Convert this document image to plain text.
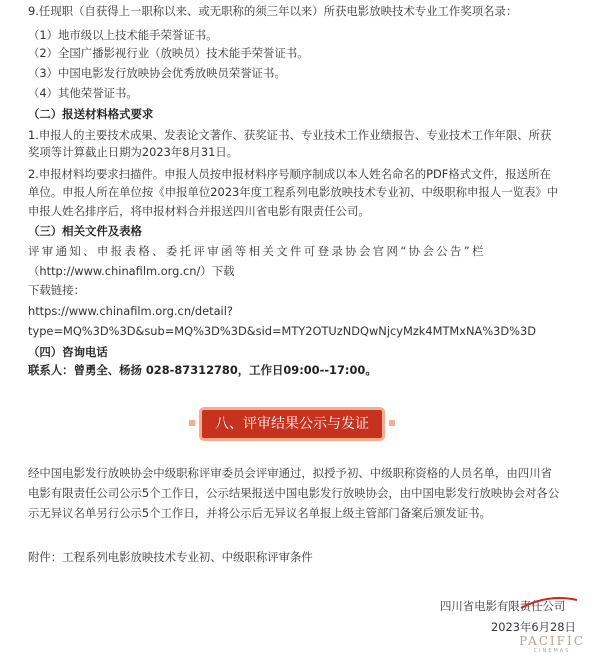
9.任现职（自获得上一职称以来、或无职称的须三年以来）所获电影放映技术专业工作奖项名录：
（1）地市级以上技术能手荣誉证书。
（2）全国广播影视行业（放映员）技术能手荣誉证书。
（3）中国电影发行放映协会优秀放映员荣誉证书。
（4）其他荣誉证书。
（二）报送材料格式要求
1.申报人的主要技术成果、发表论文著作、获奖证书、专业技术工作业绩报告、专业技术工作年限、所获
奖项等计算截止日期为2023年8月31日。
2.申报材料均要求扫描件。申报人员按申报材料序号顺序制成以本人姓名命名的PDF格式文件，报送所在
单位。申报人所在单位按《申报单位2023年度工程系列电影放映技术专业初、中级职称申报人一览表》中
申报人姓名排序后，将申报材料合并报送四川省电影有限责任公司。
（三）相关文件及表格
评审通知、申报表格、委托评审函等相关文件可登录协会官网“协会公告”栏
（http://www.chinafilm.org.cn/）下载
下载链接：
https://www.chinafilm.org.cn/detail?
type=MQ%3D%3D&sub=MQ%3D%3D&sid=MTY2OTUzNDQwNjcyMzk4MTMxNA%3D%3D
（四）咨询电话
联系人：曾勇全、杨扬 028-87312780，工作日09:00--17:00。
八、评审结果公示与发证
经中国电影发行放映协会中级职称评审委员会评审通过，拟授予初、中级职称资格的人员名单，由四川省
电影有限责任公司公示5个工作日，公示结果报送中国电影发行放映协会，由中国电影发行放映协会对各公
示无异议名单另行公示5个工作日，并将公示后无异议名单报上级主管部门备案后颁发证书。
附件：工程系列电影放映技术专业初、中级职称评审条件
四川省电影有限责任公司
2023年6月28日
PACIFIC
CINEMAS
